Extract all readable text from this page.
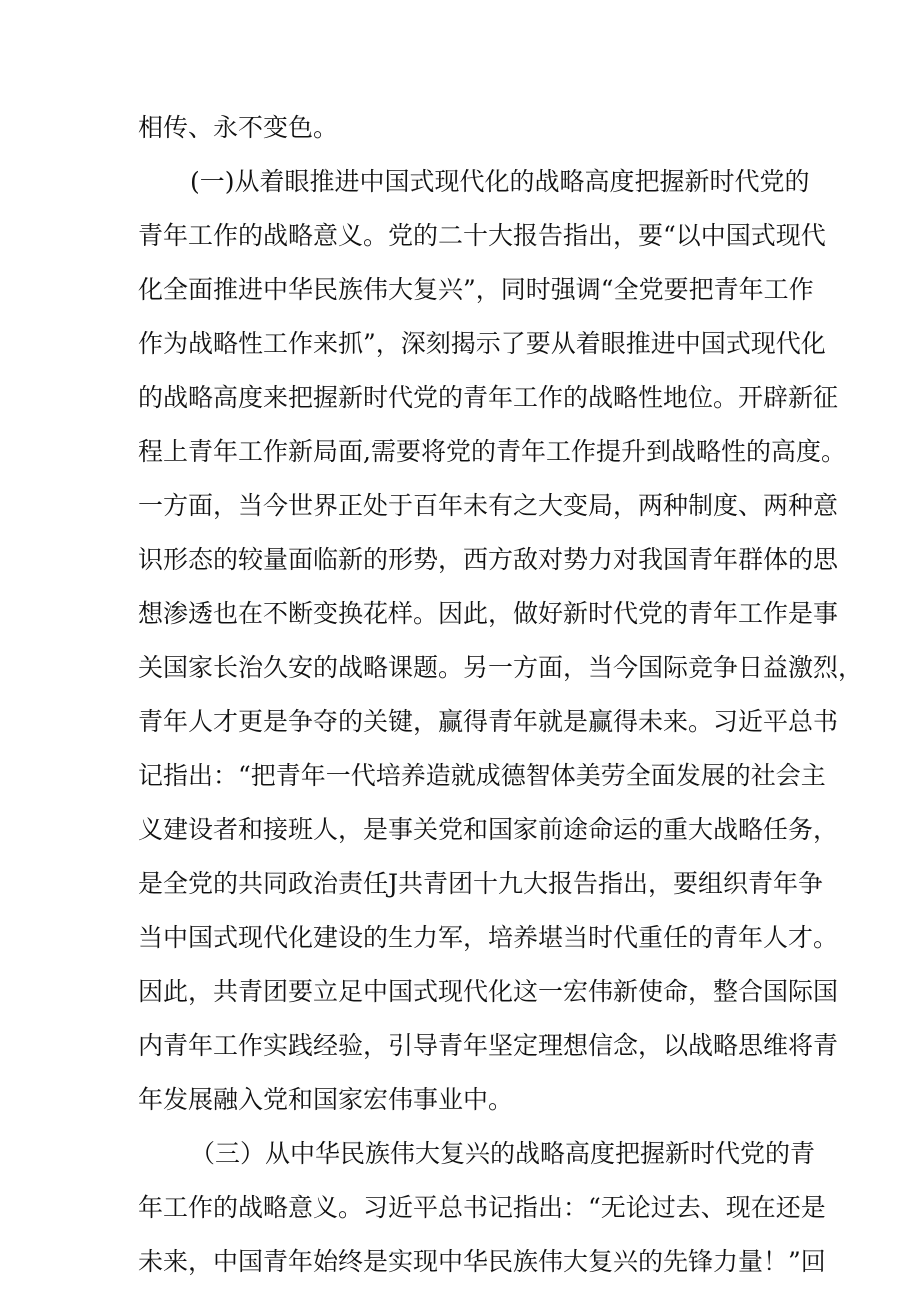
相传、永不变色。
(一)从着眼推进中国式现代化的战略高度把握新时代党的
青年工作的战略意义。党的二十大报告指出，要“以中国式现代
化全面推进中华民族伟大复兴”，同时强调“全党要把青年工作
作为战略性工作来抓”，深刻揭示了要从着眼推进中国式现代化
的战略高度来把握新时代党的青年工作的战略性地位。开辟新征
程上青年工作新局面,需要将党的青年工作提升到战略性的高度。
一方面，当今世界正处于百年未有之大变局，两种制度、两种意
识形态的较量面临新的形势，西方敌对势力对我国青年群体的思
想渗透也在不断变换花样。因此，做好新时代党的青年工作是事
关国家长治久安的战略课题。另一方面，当今国际竞争日益激烈，
青年人才更是争夺的关键，赢得青年就是赢得未来。习近平总书
记指出：“把青年一代培养造就成德智体美劳全面发展的社会主
义建设者和接班人，是事关党和国家前途命运的重大战略任务，
是全党的共同政治责任J共青团十九大报告指出，要组织青年争
当中国式现代化建设的生力军，培养堪当时代重任的青年人才。
因此，共青团要立足中国式现代化这一宏伟新使命，整合国际国
内青年工作实践经验，引导青年坚定理想信念，以战略思维将青
年发展融入党和国家宏伟事业中。
（三）从中华民族伟大复兴的战略高度把握新时代党的青
年工作的战略意义。习近平总书记指出：“无论过去、现在还是
未来，中国青年始终是实现中华民族伟大复兴的先锋力量！”回
